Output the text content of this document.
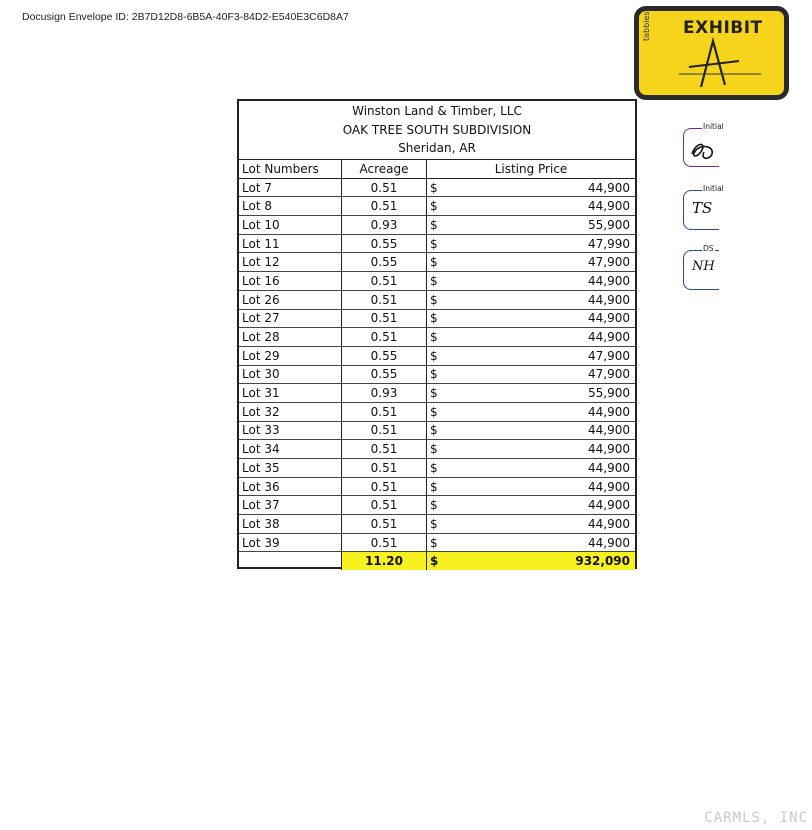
Docusign Envelope ID: 2B7D12D8-6B5A-40F3-84D2-E540E3C6D8A7	tabbies EXHIBIT
Initial
Initial
TS
DS
NH
Winston Land & Timber, LLC
OAK TREE SOUTH SUBDIVISION
Sheridan, AR
Lot Numbers	Acreage	Listing Price
Lot 7	0.51	$ 44,900

Lot 8	0.51	$ 44,900

Lot 10	0.93	$ 55,900

Lot 11	0.55	$ 47,990

Lot 12	0.55	$ 47,900

Lot 16	0.51	$ 44,900

Lot 26	0.51	$ 44,900

Lot 27	0.51	$ 44,900

Lot 28	0.51	$ 44,900

Lot 29	0.55	$ 47,900

Lot 30	0.55	$ 47,900

Lot 31	0.93	$ 55,900

Lot 32	0.51	$ 44,900

Lot 33	0.51	$ 44,900

Lot 34	0.51	$ 44,900

Lot 35	0.51	$ 44,900

Lot 36	0.51	$ 44,900

Lot 37	0.51	$ 44,900

Lot 38	0.51	$ 44,900

Lot 39	0.51	$ 44,900

	11.20	$ 932,090
CARMLS, INC
